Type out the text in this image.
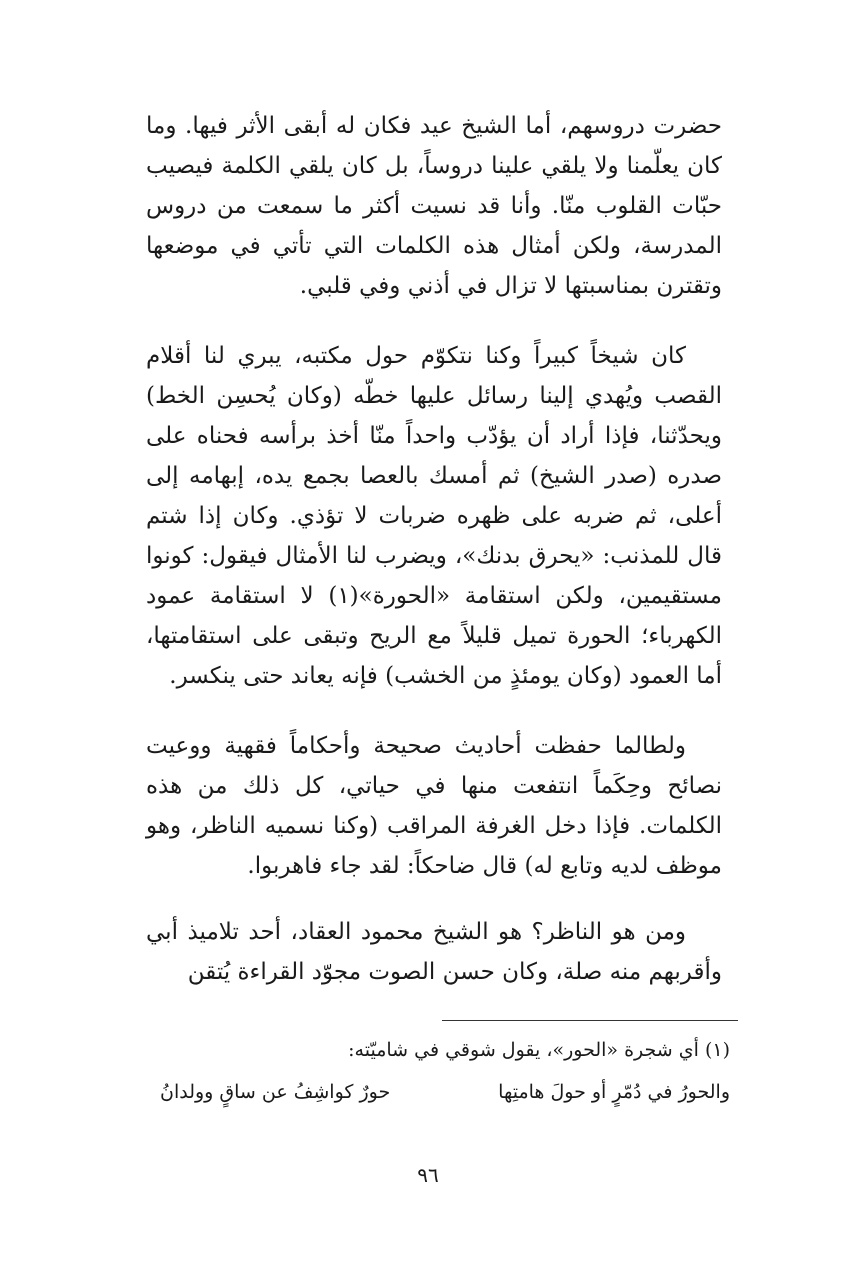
حضرت دروسهم، أما الشيخ عيد فكان له أبقى الأثر فيها. وما كان يعلّمنا ولا يلقي علينا دروساً، بل كان يلقي الكلمة فيصيب حبّات القلوب منّا. وأنا قد نسيت أكثر ما سمعت من دروس المدرسة، ولكن أمثال هذه الكلمات التي تأتي في موضعها وتقترن بمناسبتها لا تزال في أذني وفي قلبي.

كان شيخاً كبيراً وكنا نتكوّم حول مكتبه، يبري لنا أقلام القصب ويُهدي إلينا رسائل عليها خطّه (وكان يُحسِن الخط) ويحدّثنا، فإذا أراد أن يؤدّب واحداً منّا أخذ برأسه فحناه على صدره (صدر الشيخ) ثم أمسك بالعصا بجمع يده، إبهامه إلى أعلى، ثم ضربه على ظهره ضربات لا تؤذي. وكان إذا شتم قال للمذنب: «يحرق بدنك»، ويضرب لنا الأمثال فيقول: كونوا مستقيمين، ولكن استقامة «الحورة»(١) لا استقامة عمود الكهرباء؛ الحورة تميل قليلاً مع الريح وتبقى على استقامتها، أما العمود (وكان يومئذٍ من الخشب) فإنه يعاند حتى ينكسر.

ولطالما حفظت أحاديث صحيحة وأحكاماً فقهية ووعيت نصائح وحِكَماً انتفعت منها في حياتي، كل ذلك من هذه الكلمات. فإذا دخل الغرفة المراقب (وكنا نسميه الناظر، وهو موظف لديه وتابع له) قال ضاحكاً: لقد جاء فاهربوا.

ومن هو الناظر؟ هو الشيخ محمود العقاد، أحد تلاميذ أبي وأقربهم منه صلة، وكان حسن الصوت مجوّد القراءة يُتقن

(١) أي شجرة «الحور»، يقول شوقي في شاميّته:
والحورُ في دُمّرٍ أو حولَ هامتِها
حورٌ كواشِفُ عن ساقٍ وولدانُ
٩٦
